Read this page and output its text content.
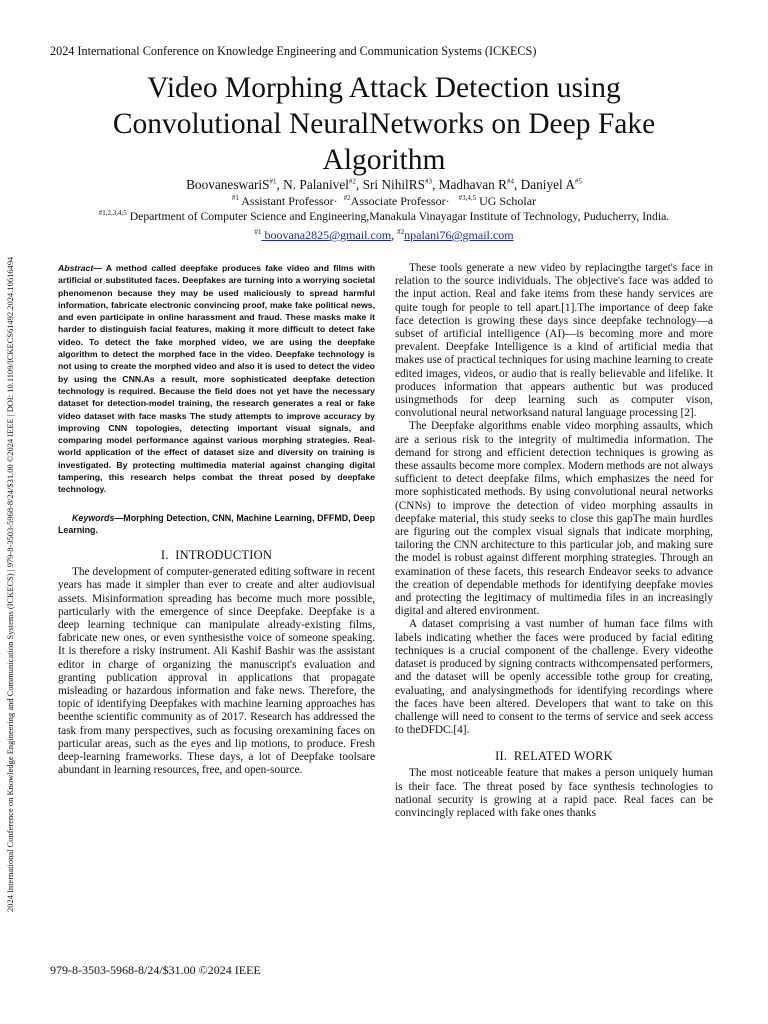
2024 International Conference on Knowledge Engineering and Communication Systems (ICKECS)
2024 International Conference on Knowledge Engineering and Communication Systems (ICKECS) | 979-8-3503-5968-8/24/$31.00 ©2024 IEEE | DOI: 10.1109/ICKECS61492.2024.10616494
Video Morphing Attack Detection using
Convolutional NeuralNetworks on Deep Fake
Algorithm
BoovaneswariS$^{\#1}$, N. Palanivel$^{\#2}$, Sri NihilRS$^{\#3}$, Madhavan $R^{\#4}$, Daniyel $A^{\#5}$
$^{\#1}$ Assistant Professor·  $^{\#2}$Associate Professor·   $^{\#3,4,5}$ UG Scholar
$^{\#1,2,3,4,5}$ Department of Computer Science and Engineering,Manakula Vinayagar Institute of Technology, Puducherry, India.
$^{\#1}$ boovana2825@gmail.com, $^{\#2}$npalani76@gmail.com

Abstract— A method called deepfake produces fake video and films with artificial or substituted faces. Deepfakes are turning into a worrying societal phenomenon because they may be used maliciously to spread harmful information, fabricate electronic convincing proof, make fake political news, and even participate in online harassment and fraud. These masks make it harder to distinguish facial features, making it more difficult to detect fake video. To detect the fake morphed video, we are using the deepfake algorithm to detect the morphed face in the video. Deepfake technology is not using to create the morphed video and also it is used to detect the video by using the CNN.As a result, more sophisticated deepfake detection technology is required. Because the field does not yet have the necessary dataset for detection-model training, the research generates a real or fake video dataset with face masks The study attempts to improve accuracy by improving CNN topologies, detecting important visual signals, and comparing model performance against various morphing strategies. Real-world application of the effect of dataset size and diversity on training is investigated. By protecting multimedia material against changing digital tampering, this research helps combat the threat posed by deepfake technology.

Keywords—Morphing Detection, CNN, Machine Learning, DFFMD, Deep Learning.

I.  INTRODUCTION

The development of computer-generated editing software in recent years has made it simpler than ever to create and alter audiovisual assets. Misinformation spreading has become much more possible, particularly with the emergence of since Deepfake. Deepfake is a deep learning technique can manipulate already-existing films, fabricate new ones, or even synthesisthe voice of someone speaking. It is therefore a risky instrument. Ali Kashif Bashir was the assistant editor in charge of organizing the manuscript's evaluation and granting publication approval in applications that propagate misleading or hazardous information and fake news. Therefore, the topic of identifying Deepfakes with machine learning approaches has beenthe scientific community as of 2017. Research has addressed the task from many perspectives, such as focusing orexamining faces on particular areas, such as the eyes and lip motions, to produce. Fresh deep-learning frameworks. These days, a lot of Deepfake toolsare abundant in learning resources, free, and open-source.

These tools generate a new video by replacingthe target's face in relation to the source individuals. The objective's face was added to the input action. Real and fake items from these handy services are quite tough for people to tell apart.[1].The importance of deep fake face detection is growing these days since deepfake technology—a subset of artificial intelligence (AI)—is becoming more and more prevalent. Deepfake Intelligence is a kind of artificial media that makes use of practical techniques for using machine learning to create edited images, videos, or audio that is really believable and lifelike. It produces information that appears authentic but was produced usingmethods for deep learning such as computer vison, convolutional neural networksand natural language processing [2].

The Deepfake algorithms enable video morphing assaults, which are a serious risk to the integrity of multimedia information. The demand for strong and efficient detection techniques is growing as these assaults become more complex. Modern methods are not always sufficient to detect deepfake films, which emphasizes the need for more sophisticated methods. By using convolutional neural networks (CNNs) to improve the detection of video morphing assaults in deepfake material, this study seeks to close this gapThe main hurdles are figuring out the complex visual signals that indicate morphing, tailoring the CNN architecture to this particular job, and making sure the model is robust against different morphing strategies. Through an examination of these facets, this research Endeavor seeks to advance the creation of dependable methods for identifying deepfake movies and protecting the legitimacy of multimedia files in an increasingly digital and altered environment.

A dataset comprising a vast number of human face films with labels indicating whether the faces were produced by facial editing techniques is a crucial component of the challenge. Every videothe dataset is produced by signing contracts withcompensated performers, and the dataset will be openly accessible tothe group for creating, evaluating, and analysingmethods for identifying recordings where the faces have been altered. Developers that want to take on this challenge will need to consent to the terms of service and seek access to theDFDC.[4].

II.  RELATED WORK

The most noticeable feature that makes a person uniquely human is their face. The threat posed by face synthesis technologies to national security is growing at a rapid pace. Real faces can be convincingly replaced with fake ones thanks

979-8-3503-5968-8/24/$31.00 ©2024 IEEE
